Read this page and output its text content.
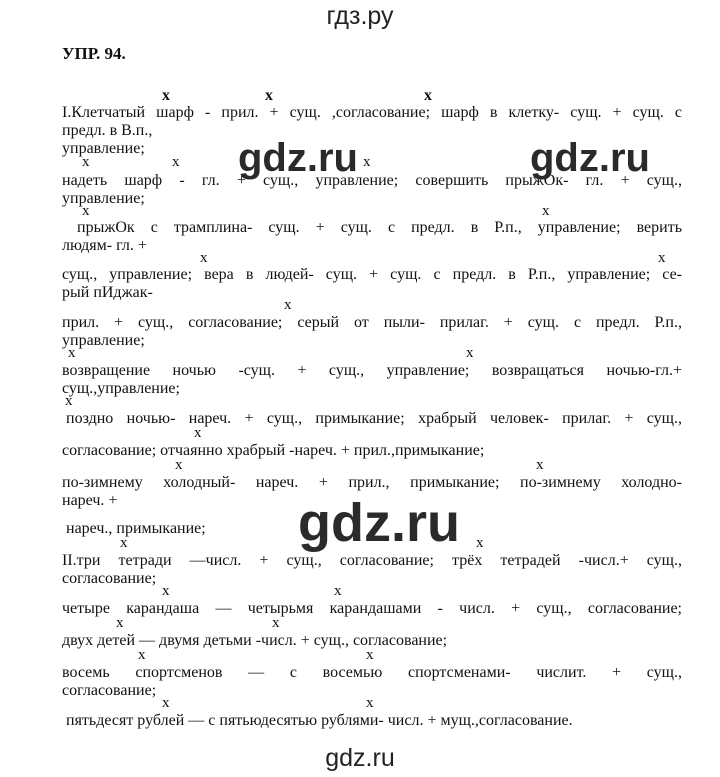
гдз.ру
УПР. 94.
x	x	x
x	x	x
x
x
x	x
x
x	x
x
x
x	x
x	x
x	x
x	x
x	x
x	x
I.Клетчатый шарф - прил. + сущ. ,согласование; шарф в клетку- сущ. + сущ. с
предл. в В.п.,
управление;
надеть шарф - гл. + сущ., управление; совершить прыжОк- гл. + сущ.,
управление;
прыжОк с трамплина- сущ. + сущ. с предл. в Р.п., управление; верить
людям- гл. +
сущ., управление; вера в людей- сущ. + сущ. с предл. в Р.п., управление; се-
рый пИджак-
прил. + сущ., согласование; серый от пыли- прилаг. + сущ. с предл. Р.п.,
управление;
возвращение ночью -сущ. + сущ., управление; возвращаться ночью-гл.+
сущ.,управление;
поздно ночью- нареч. + сущ., примыкание; храбрый человек- прилаг. + сущ.,
согласование; отчаянно храбрый -нареч. + прил.,примыкание;
по-зимнему холодный- нареч. + прил., примыкание; по-зимнему холодно-
нареч. +
нареч., примыкание;
II.три тетради —числ. + сущ., согласование; трёх тетрадей -числ.+ сущ.,
согласование;
четыре карандаша — четырьмя карандашами - числ. + сущ., согласование;
двух детей — двумя детьми -числ. + сущ., согласование;
восемь спортсменов — с восемью спортсменами- числит. + сущ.,
согласование;
пятьдесят рублей — с пятьюдесятью рублями- числ. + мущ.,согласование.
gdz.ru	gdz.ru
gdz.ru
gdz.ru
